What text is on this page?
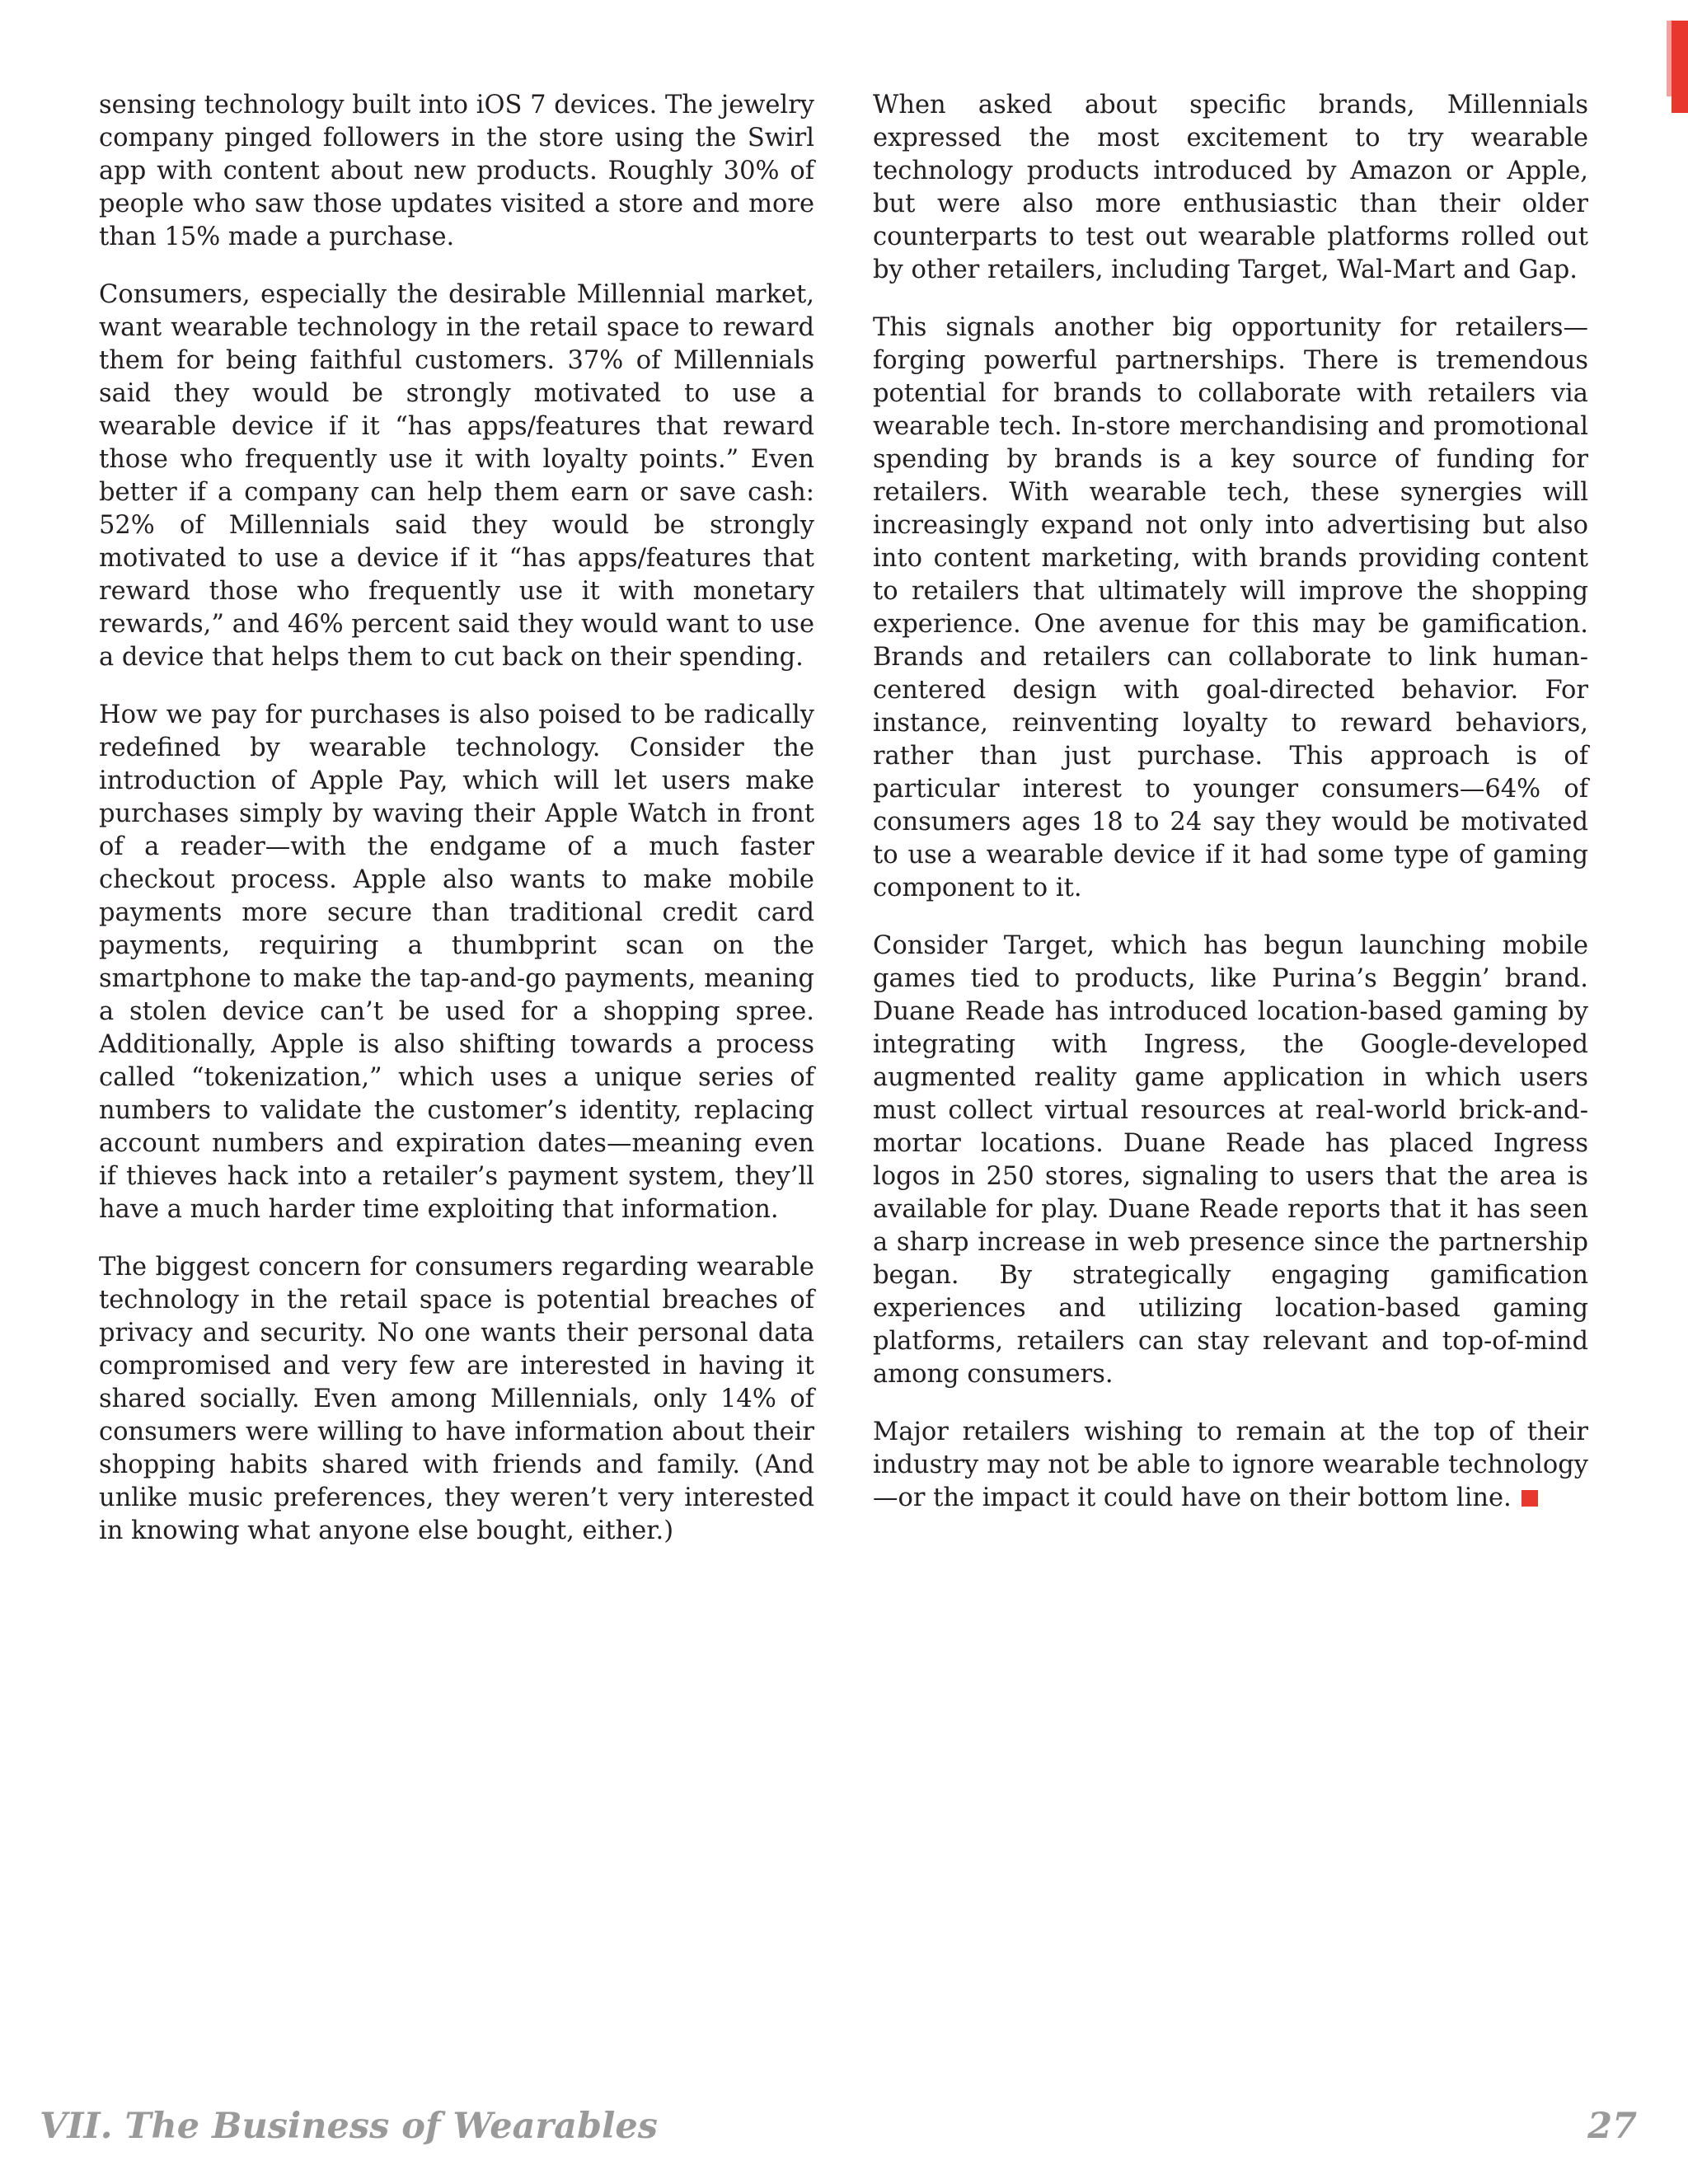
sensing technology built into iOS 7 devices. The jewelry company pinged followers in the store using the Swirl app with content about new products. Roughly 30% of people who saw those updates visited a store and more than 15% made a purchase.

Consumers, especially the desirable Millennial market, want wearable technology in the retail space to reward them for being faithful customers. 37% of Millennials said they would be strongly motivated to use a wearable device if it “has apps/features that reward those who frequently use it with loyalty points.” Even better if a company can help them earn or save cash: 52% of Millennials said they would be strongly motivated to use a device if it “has apps/features that reward those who frequently use it with monetary rewards,” and 46% percent said they would want to use a device that helps them to cut back on their spending.

How we pay for purchases is also poised to be radically redefined by wearable technology. Consider the introduction of Apple Pay, which will let users make purchases simply by waving their Apple Watch in front of a reader—with the endgame of a much faster checkout process. Apple also wants to make mobile payments more secure than traditional credit card payments, requiring a thumbprint scan on the smartphone to make the tap-and-go payments, meaning a stolen device can’t be used for a shopping spree. Additionally, Apple is also shifting towards a process called “tokenization,” which uses a unique series of numbers to validate the customer’s identity, replacing account numbers and expiration dates—meaning even if thieves hack into a retailer’s payment system, they’ll have a much harder time exploiting that information.

The biggest concern for consumers regarding wearable technology in the retail space is potential breaches of privacy and security. No one wants their personal data compromised and very few are interested in having it shared socially. Even among Millennials, only 14% of consumers were willing to have information about their shopping habits shared with friends and family. (And unlike music preferences, they weren’t very interested in knowing what anyone else bought, either.)

When asked about specific brands, Millennials expressed the most excitement to try wearable technology products introduced by Amazon or Apple, but were also more enthusiastic than their older counterparts to test out wearable platforms rolled out by other retailers, including Target, Wal-Mart and Gap.

This signals another big opportunity for retailers—forging powerful partnerships. There is tremendous potential for brands to collaborate with retailers via wearable tech. In-store merchandising and promotional spending by brands is a key source of funding for retailers. With wearable tech, these synergies will increasingly expand not only into advertising but also into content marketing, with brands providing content to retailers that ultimately will improve the shopping experience. One avenue for this may be gamification. Brands and retailers can collaborate to link human-centered design with goal-directed behavior. For instance, reinventing loyalty to reward behaviors, rather than just purchase. This approach is of particular interest to younger consumers—64% of consumers ages 18 to 24 say they would be motivated to use a wearable device if it had some type of gaming component to it.

Consider Target, which has begun launching mobile games tied to products, like Purina’s Beggin’ brand. Duane Reade has introduced location-based gaming by integrating with Ingress, the Google-developed augmented reality game application in which users must collect virtual resources at real-world brick-and-mortar locations. Duane Reade has placed Ingress logos in 250 stores, signaling to users that the area is available for play. Duane Reade reports that it has seen a sharp increase in web presence since the partnership began. By strategically engaging gamification experiences and utilizing location-based gaming platforms, retailers can stay relevant and top-of-mind among consumers.

Major retailers wishing to remain at the top of their industry may not be able to ignore wearable technology—or the impact it could have on their bottom line.

VII. The Business of Wearables	27
